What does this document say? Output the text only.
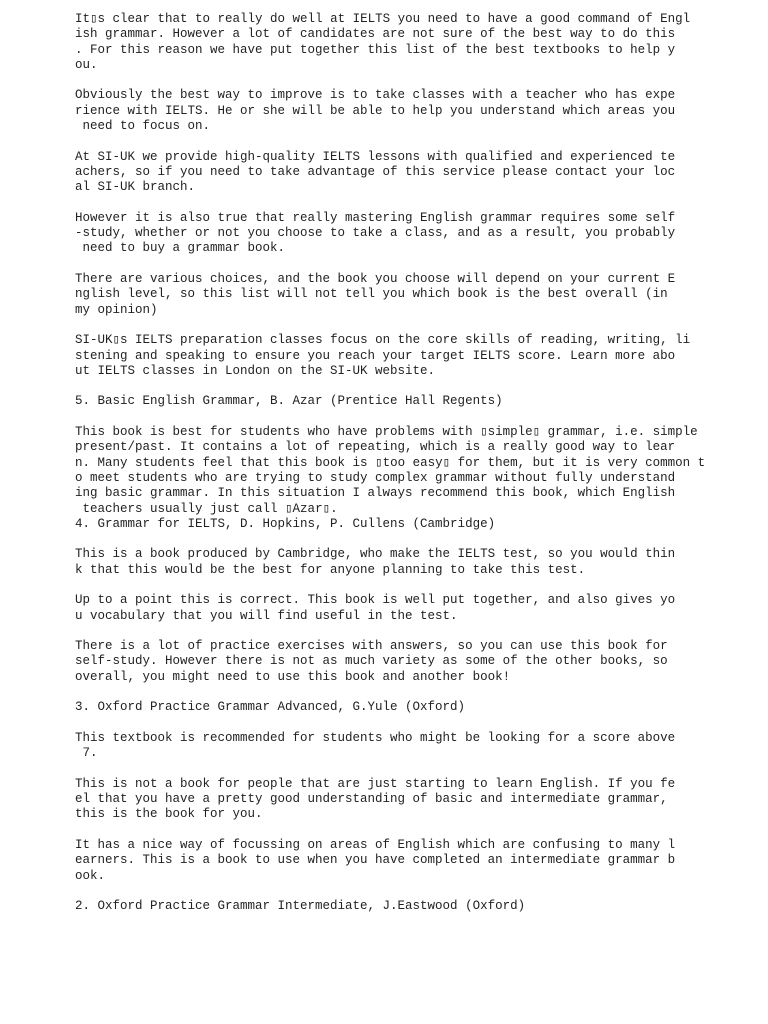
It▯s clear that to really do well at IELTS you need to have a good command of Engl
ish grammar. However a lot of candidates are not sure of the best way to do this
. For this reason we have put together this list of the best textbooks to help y
ou.
Obviously the best way to improve is to take classes with a teacher who has expe
rience with IELTS. He or she will be able to help you understand which areas you
need to focus on.
At SI-UK we provide high-quality IELTS lessons with qualified and experienced te
achers, so if you need to take advantage of this service please contact your loc
al SI-UK branch.
However it is also true that really mastering English grammar requires some self
-study, whether or not you choose to take a class, and as a result, you probably
need to buy a grammar book.
There are various choices, and the book you choose will depend on your current E
nglish level, so this list will not tell you which book is the best overall (in
my opinion)
SI-UK▯s IELTS preparation classes focus on the core skills of reading, writing, li
stening and speaking to ensure you reach your target IELTS score. Learn more abo
ut IELTS classes in London on the SI-UK website.
5. Basic English Grammar, B. Azar (Prentice Hall Regents)
This book is best for students who have problems with ▯simple▯ grammar, i.e. simple
present/past. It contains a lot of repeating, which is a really good way to lear
n. Many students feel that this book is ▯too easy▯ for them, but it is very common t
o meet students who are trying to study complex grammar without fully understand
ing basic grammar. In this situation I always recommend this book, which English
teachers usually just call ▯Azar▯.
4. Grammar for IELTS, D. Hopkins, P. Cullens (Cambridge)
This is a book produced by Cambridge, who make the IELTS test, so you would thin
k that this would be the best for anyone planning to take this test.
Up to a point this is correct. This book is well put together, and also gives yo
u vocabulary that you will find useful in the test.
There is a lot of practice exercises with answers, so you can use this book for
self-study. However there is not as much variety as some of the other books, so
overall, you might need to use this book and another book!
3. Oxford Practice Grammar Advanced, G.Yule (Oxford)
This textbook is recommended for students who might be looking for a score above
7.
This is not a book for people that are just starting to learn English. If you fe
el that you have a pretty good understanding of basic and intermediate grammar,
this is the book for you.
It has a nice way of focussing on areas of English which are confusing to many l
earners. This is a book to use when you have completed an intermediate grammar b
ook.
2. Oxford Practice Grammar Intermediate, J.Eastwood (Oxford)
